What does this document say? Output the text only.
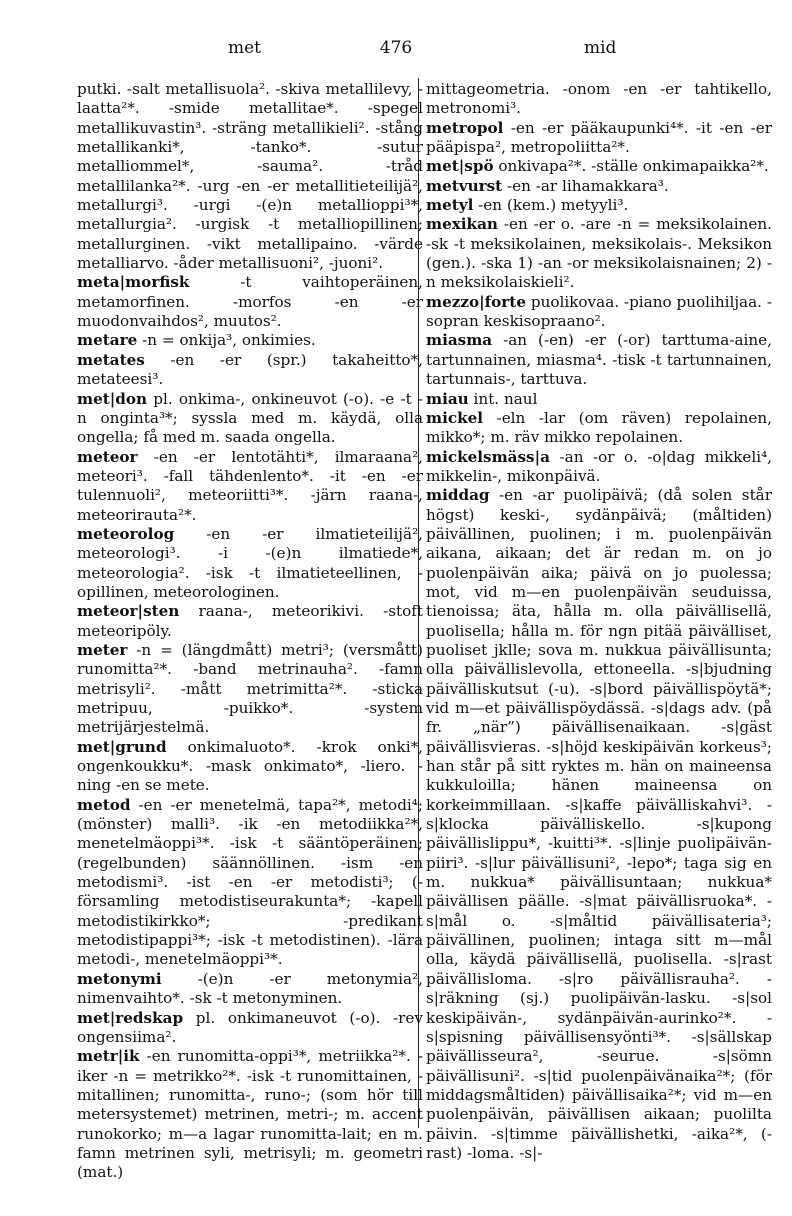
met	476	mid

putki. -salt metallisuola². -skiva metallilevy, -laatta²*. -smide metallitae*. -spegel metallikuvastin³. -sträng metallikieli². -stång metallikanki*, -tanko*. -sutur metalliommel*, -sauma². -tråd metallilanka²*. -urg -en -er metallitieteilijä², metallurgi³. -urgi -(e)n metallioppi³*, metallurgia². -urgisk -t metalliopillinen; metallurginen. -vikt metallipaino. -värde metalliarvo. -åder metallisuoni², -juoni².

meta|morfisk -t vaihtoperäinen, metamorfinen. -morfos -en -er muodonvaihdos², muutos².

metare -n = onkija³, onkimies.

metates -en -er (spr.) takaheitto*, metateesi³.

met|don pl. onkima-, onkineuvot (-o). -e -t -n onginta³*; syssla med m. käydä, olla ongella; få med m. saada ongella.

meteor -en -er lentotähti*, ilmaraana², meteori³. -fall tähdenlento*. -it -en -er tulennuoli², meteoriitti³*. -järn raana-, meteorirauta²*.

meteorolog -en -er ilmatieteilijä², meteorologi³. -i -(e)n ilmatiede*, meteorologia². -isk -t ilmatieteellinen, -opillinen, meteorologinen.

meteor|sten raana-, meteorikivi. -stoft meteoripöly.

meter -n = (längdmått) metri³; (versmått) runomitta²*. -band metrinauha². -famn metrisyli². -mått metrimitta²*. -sticka metripuu, -puikko*. -system metrijärjestelmä.

met|grund onkimaluoto*. -krok onki*, ongenkoukku*. -mask onkimato*, -liero. -ning -en se mete.

metod -en -er menetelmä, tapa²*, metodi⁴; (mönster) malli³. -ik -en metodiikka²*, menetelmäoppi³*. -isk -t sääntöperäinen; (regelbunden) säännöllinen. -ism -en metodismi³. -ist -en -er metodisti³; (-församling metodistiseurakunta*; -kapell metodistikirkko*; -predikant metodistipappi³*; -isk -t metodistinen). -lära metodi-, menetelmäoppi³*.

metonymi -(e)n -er metonymia², nimenvaihto*. -sk -t metonyminen.

met|redskap pl. onkimaneuvot (-o). -rev ongensiima².

metr|ik -en runomitta-oppi³*, metriikka²*. -iker -n = metrikko²*. -isk -t runomittainen, -mitallinen; runomitta-, runo-; (som hör till metersystemet) metrinen, metri-; m. accent runokorko; m—a lagar runomitta-lait; en m. famn metrinen syli, metrisyli; m. geometri (mat.)

mittageometria. -onom -en -er tahtikello, metronomi³.

metropol -en -er pääkaupunki⁴*. -it -en -er pääpispa², metropoliitta²*.

met|spö onkivapa²*. -ställe onkimapaikka²*.

metvurst -en -ar lihamakkara³.

metyl -en (kem.) metyyli³.

mexikan -en -er o. -are -n = meksikolainen. -sk -t meksikolainen, meksikolais-. Meksikon (gen.). -ska 1) -an -or meksikolaisnainen; 2) -n meksikolaiskieli².

mezzo|forte puolikovaa. -piano puolihiljaa. -sopran keskisopraano².

miasma -an (-en) -er (-or) tarttuma-aine, tartunnainen, miasma⁴. -tisk -t tartunnainen, tartunnais-, tarttuva.

miau int. naul

mickel -eln -lar (om räven) repolainen, mikko*; m. räv mikko repolainen.

mickelsmäss|a -an -or o. -o|dag mikkeli⁴, mikkelin-, mikonpäivä.

middag -en -ar puolipäivä; (då solen står högst) keski-, sydänpäivä; (måltiden) päivällinen, puolinen; i m. puolenpäivän aikana, aikaan; det är redan m. on jo puolenpäivän aika; päivä on jo puolessa; mot, vid m—en puolenpäivän seuduissa, tienoissa; äta, hålla m. olla päivällisellä, puolisella; hålla m. för ngn pitää päivälliset, puoliset jklle; sova m. nukkua päivällisunta; olla päivällislevolla, ettoneella. -s|bjudning päivälliskutsut (-u). -s|bord päivällispöytä*; vid m—et päivällispöydässä. -s|dags adv. (på fr. „när”) päivällisenaikaan. -s|gäst päivällisvieras. -s|höjd keskipäivän korkeus³; han står på sitt ryktes m. hän on maineensa kukkuloilla; hänen maineensa on korkeimmillaan. -s|kaffe päivälliskahvi³. -s|klocka päivälliskello. -s|kupong päivällislippu*, -kuitti³*. -s|linje puolipäivän-piiri³. -s|lur päivällisuni², -lepo*; taga sig en m. nukkua* päivällisuntaan; nukkua* päivällisen päälle. -s|mat päivällisruoka*. -s|mål o. -s|måltid päivällisateria³; päivällinen, puolinen; intaga sitt m—mål olla, käydä päivällisellä, puolisella. -s|rast päivällisloma. -s|ro päivällisrauha². -s|räkning (sj.) puolipäivän-lasku. -s|sol keskipäivän-, sydänpäivän-aurinko²*. -s|spisning päivällisensyönti³*. -s|sällskap päivällisseura², -seurue. -s|sömn päivällisuni². -s|tid puolenpäivänaika²*; (för middagsmåltiden) päivällisaika²*; vid m—en puolenpäivän, päivällisen aikaan; puolilta päivin. -s|timme päivällishetki, -aika²*, (-rast) -loma. -s|-
